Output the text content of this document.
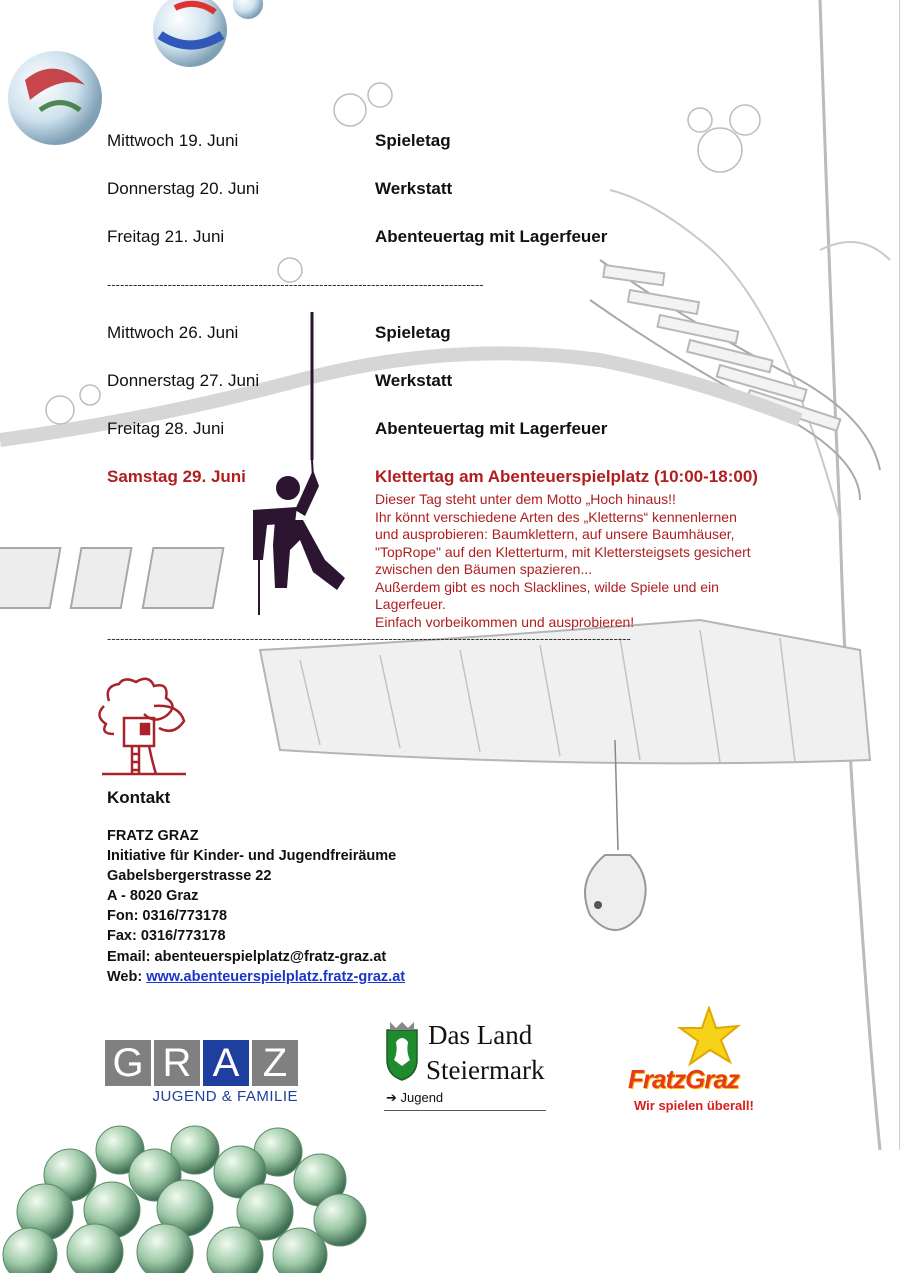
Mittwoch 19. Juni	Spieletag
Donnerstag 20. Juni	Werkstatt
Freitag 21. Juni	Abenteuertag mit Lagerfeuer
---------------------------------------------------------------------------------------
Mittwoch 26. Juni	Spieletag
Donnerstag 27. Juni	Werkstatt
Freitag 28. Juni	Abenteuertag mit Lagerfeuer
Samstag 29. Juni	Klettertag am Abenteuerspielplatz (10:00-18:00)
Dieser Tag steht unter dem Motto „Hoch hinaus!!
Ihr könnt verschiedene Arten des „Kletterns“ kennenlernen
und ausprobieren: Baumklettern, auf unsere Baumhäuser,
"TopRope" auf den Kletterturm, mit Klettersteigsets gesichert
zwischen den Bäumen spazieren...
Außerdem gibt es noch Slacklines, wilde Spiele und ein
Lagerfeuer.
Einfach vorbeikommen und ausprobieren!
-------------------------------------------------------------------------------------------------------------------------
Kontakt
FRATZ GRAZ
Initiative für Kinder- und Jugendfreiräume
Gabelsbergerstrasse 22
A - 8020 Graz
Fon: 0316/773178
Fax: 0316/773178
Email: abenteuerspielplatz@fratz-graz.at
Web: www.abenteuerspielplatz.fratz-graz.at
G R A Z
JUGEND & FAMILIE
Das Land
Steiermark
➔ Jugend
FratzGraz
Wir spielen überall!
